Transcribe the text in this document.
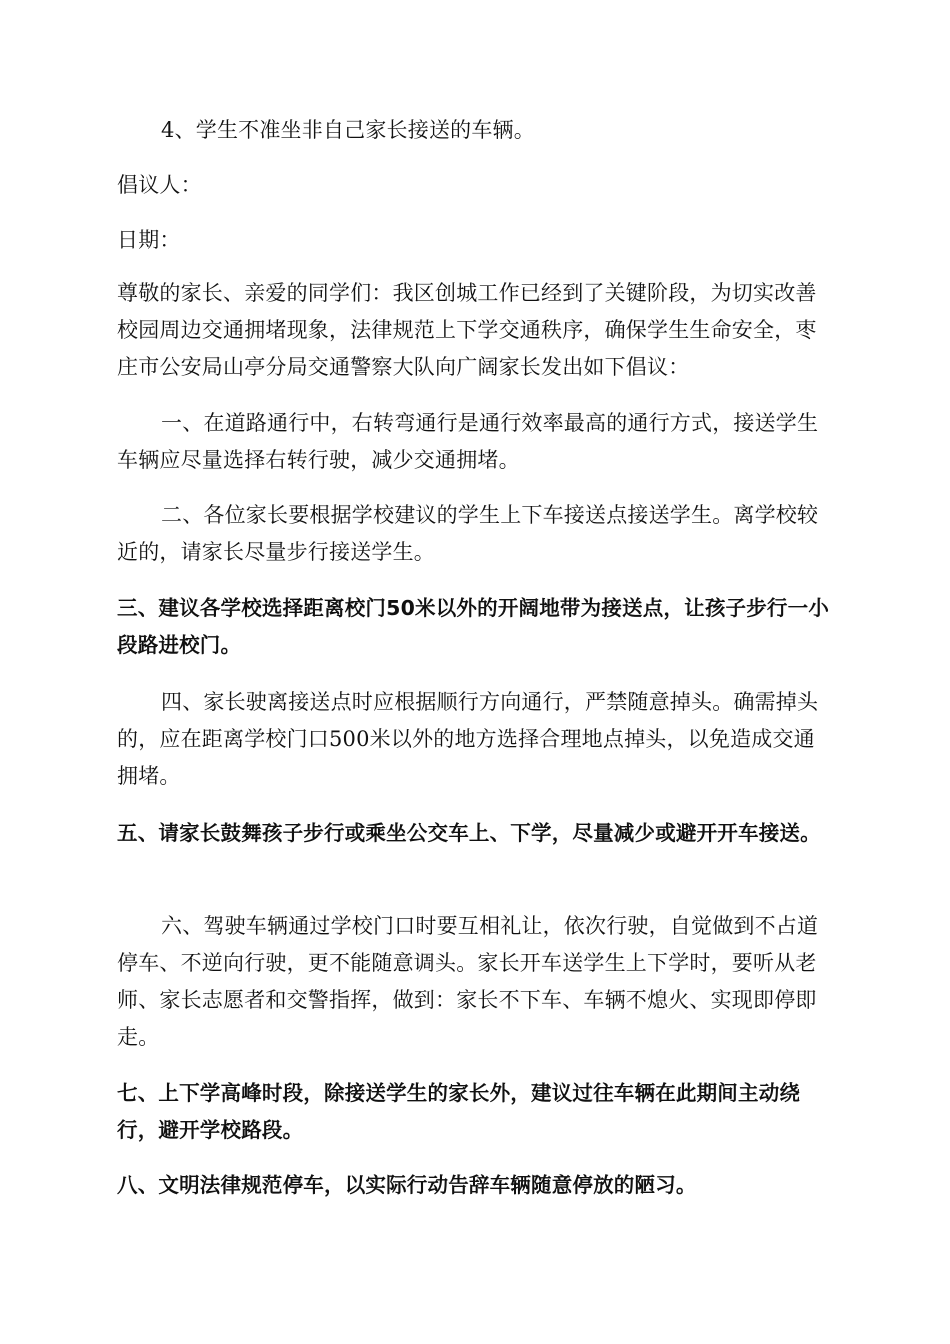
4、学生不准坐非自己家长接送的车辆。

倡议人：

日期：

尊敬的家长、亲爱的同学们：我区创城工作已经到了关键阶段，为切实改善校园周边交通拥堵现象，法律规范上下学交通秩序，确保学生生命安全，枣庄市公安局山亭分局交通警察大队向广阔家长发出如下倡议：

一、在道路通行中，右转弯通行是通行效率最高的通行方式，接送学生车辆应尽量选择右转行驶，减少交通拥堵。

二、各位家长要根据学校建议的学生上下车接送点接送学生。离学校较近的，请家长尽量步行接送学生。

三、建议各学校选择距离校门50米以外的开阔地带为接送点，让孩子步行一小段路进校门。

四、家长驶离接送点时应根据顺行方向通行，严禁随意掉头。确需掉头的，应在距离学校门口500米以外的地方选择合理地点掉头，以免造成交通拥堵。

五、请家长鼓舞孩子步行或乘坐公交车上、下学，尽量减少或避开开车接送。

六、驾驶车辆通过学校门口时要互相礼让，依次行驶，自觉做到不占道停车、不逆向行驶，更不能随意调头。家长开车送学生上下学时，要听从老师、家长志愿者和交警指挥，做到：家长不下车、车辆不熄火、实现即停即走。

七、上下学高峰时段，除接送学生的家长外，建议过往车辆在此期间主动绕行，避开学校路段。

八、文明法律规范停车，以实际行动告辞车辆随意停放的陋习。
